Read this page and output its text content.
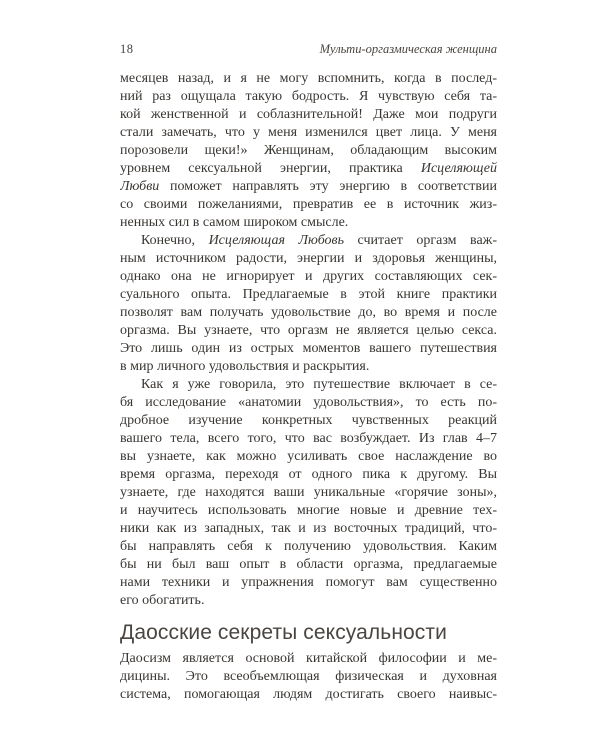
18	Мульти-оргазмическая женщина
месяцев назад, и я не могу вспомнить, когда в послед-
ний раз ощущала такую бодрость. Я чувствую себя та-
кой женственной и соблазнительной! Даже мои подруги
стали замечать, что у меня изменился цвет лица. У меня
порозовели щеки!» Женщинам, обладающим высоким
уровнем сексуальной энергии, практика Исцеляющей
Любви поможет направлять эту энергию в соответствии
со своими пожеланиями, превратив ее в источник жиз-
ненных сил в самом широком смысле.
Конечно, Исцеляющая Любовь считает оргазм важ-
ным источником радости, энергии и здоровья женщины,
однако она не игнорирует и других составляющих сек-
суального опыта. Предлагаемые в этой книге практики
позволят вам получать удовольствие до, во время и после
оргазма. Вы узнаете, что оргазм не является целью секса.
Это лишь один из острых моментов вашего путешествия
в мир личного удовольствия и раскрытия.
Как я уже говорила, это путешествие включает в се-
бя исследование «анатомии удовольствия», то есть по-
дробное изучение конкретных чувственных реакций
вашего тела, всего того, что вас возбуждает. Из глав 4–7
вы узнаете, как можно усиливать свое наслаждение во
время оргазма, переходя от одного пика к другому. Вы
узнаете, где находятся ваши уникальные «горячие зоны»,
и научитесь использовать многие новые и древние тех-
ники как из западных, так и из восточных традиций, что-
бы направлять себя к получению удовольствия. Каким
бы ни был ваш опыт в области оргазма, предлагаемые
нами техники и упражнения помогут вам существенно
его обогатить.
Даосские секреты сексуальности
Даосизм является основой китайской философии и ме-
дицины. Это всеобъемлющая физическая и духовная
система, помогающая людям достигать своего наивыс-
